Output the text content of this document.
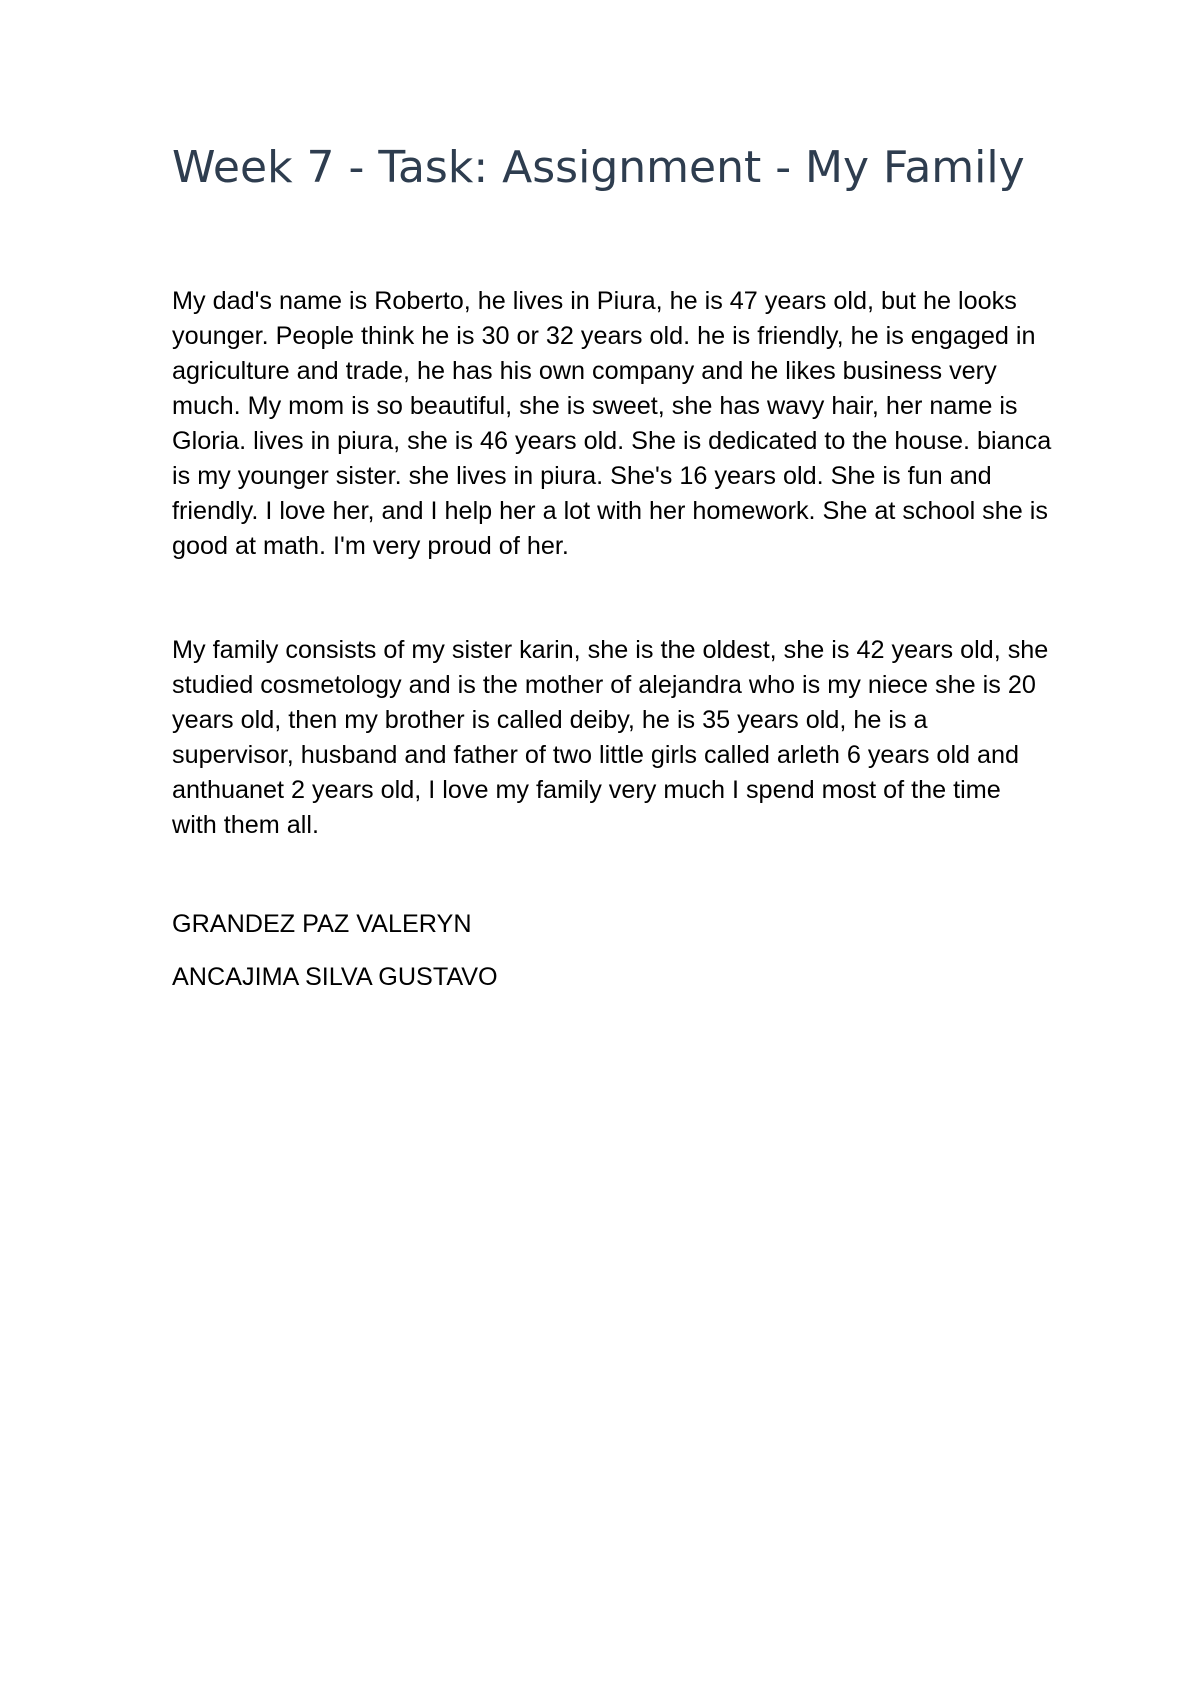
Week 7 - Task: Assignment - My Family

My dad's name is Roberto, he lives in Piura, he is 47 years old, but he looks younger. People think he is 30 or 32 years old. he is friendly, he is engaged in agriculture and trade, he has his own company and he likes business very much. My mom is so beautiful, she is sweet, she has wavy hair, her name is Gloria. lives in piura, she is 46 years old. She is dedicated to the house. bianca is my younger sister. she lives in piura. She's 16 years old. She is fun and friendly. I love her, and I help her a lot with her homework. She at school she is good at math. I'm very proud of her.

My family consists of my sister karin, she is the oldest, she is 42 years old, she studied cosmetology and is the mother of alejandra who is my niece she is 20 years old, then my brother is called deiby, he is 35 years old, he is a supervisor, husband and father of two little girls called arleth 6 years old and anthuanet 2 years old, I love my family very much I spend most of the time with them all.

GRANDEZ PAZ VALERYN

ANCAJIMA SILVA GUSTAVO
